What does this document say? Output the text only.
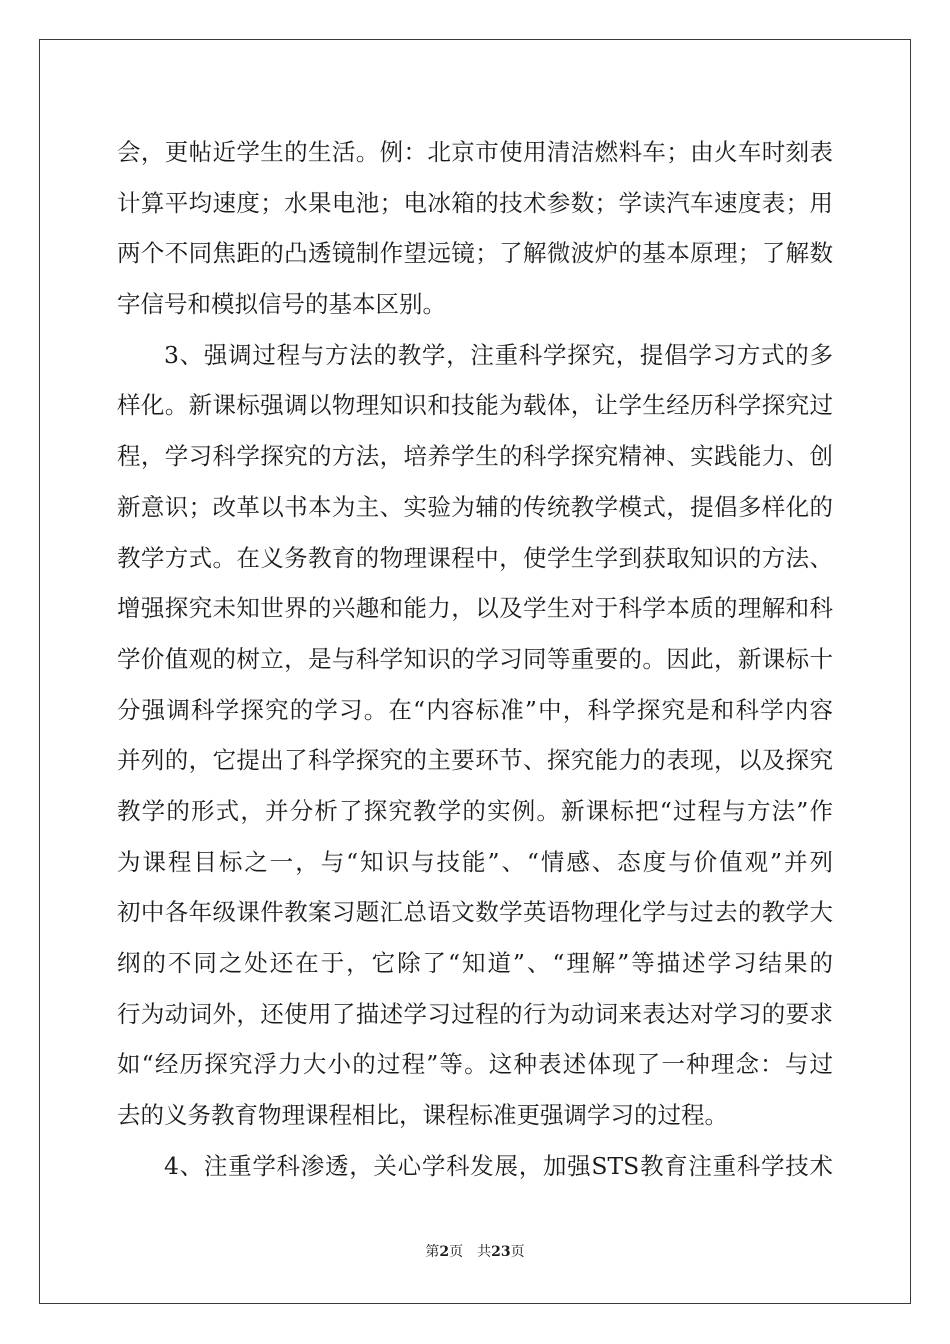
会，更帖近学生的生活。例：北京市使用清洁燃料车；由火车时刻表
计算平均速度；水果电池；电冰箱的技术参数；学读汽车速度表；用
两个不同焦距的凸透镜制作望远镜；了解微波炉的基本原理；了解数
字信号和模拟信号的基本区别。
3、强调过程与方法的教学，注重科学探究，提倡学习方式的多
样化。新课标强调以物理知识和技能为载体，让学生经历科学探究过
程，学习科学探究的方法，培养学生的科学探究精神、实践能力、创
新意识；改革以书本为主、实验为辅的传统教学模式，提倡多样化的
教学方式。在义务教育的物理课程中，使学生学到获取知识的方法、
增强探究未知世界的兴趣和能力，以及学生对于科学本质的理解和科
学价值观的树立，是与科学知识的学习同等重要的。因此，新课标十
分强调科学探究的学习。在“内容标准”中，科学探究是和科学内容
并列的，它提出了科学探究的主要环节、探究能力的表现，以及探究
教学的形式，并分析了探究教学的实例。新课标把“过程与方法”作
为课程目标之一，与“知识与技能”、“情感、态度与价值观”并列
初中各年级课件教案习题汇总语文数学英语物理化学与过去的教学大
纲的不同之处还在于，它除了“知道”、“理解”等描述学习结果的
行为动词外，还使用了描述学习过程的行为动词来表达对学习的要求
如“经历探究浮力大小的过程”等。这种表述体现了一种理念：与过
去的义务教育物理课程相比，课程标准更强调学习的过程。
4、注重学科渗透，关心学科发展，加强STS教育注重科学技术
第2页 共23页
